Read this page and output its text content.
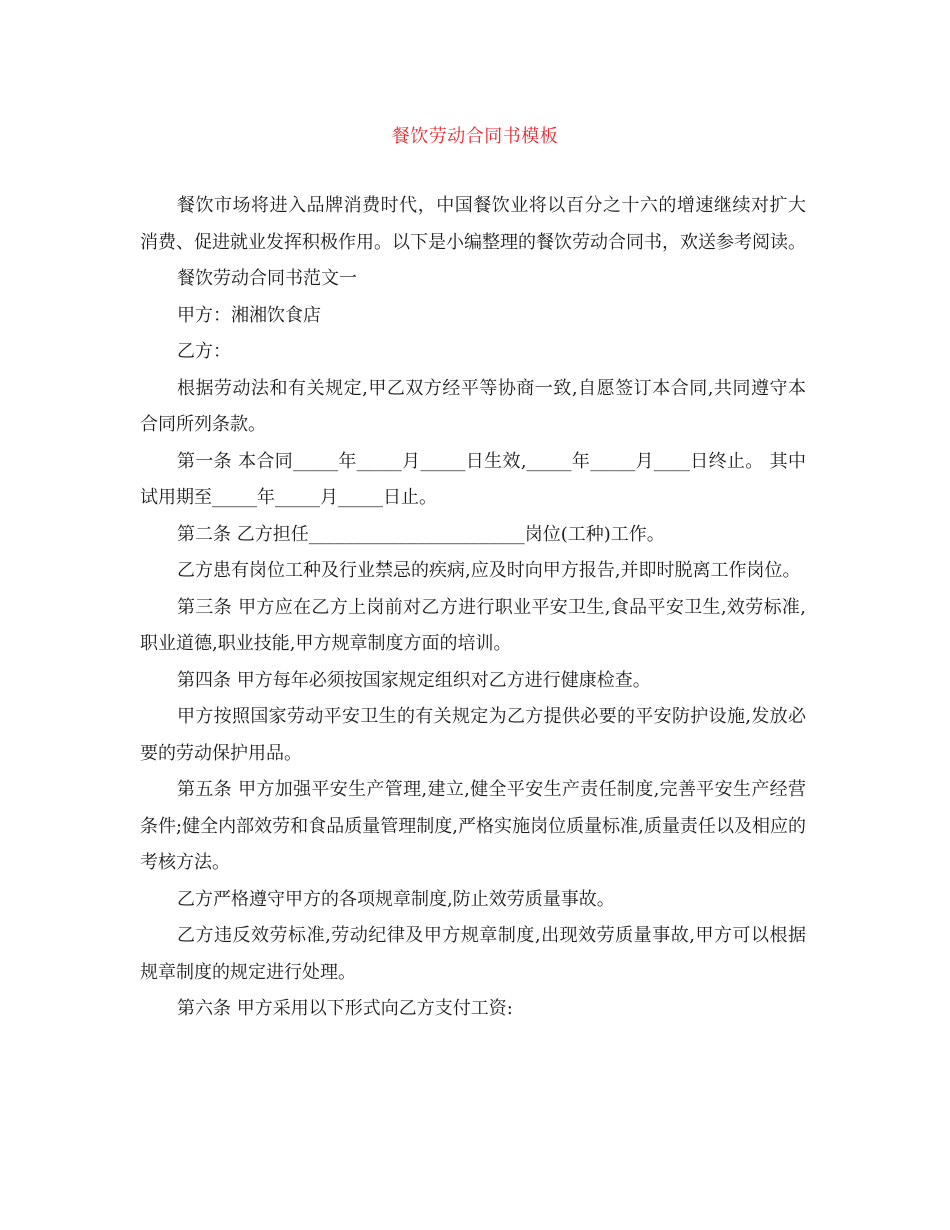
餐饮劳动合同书模板

餐饮市场将进入品牌消费时代，中国餐饮业将以百分之十六的增速继续对扩大消费、促进就业发挥积极作用。以下是小编整理的餐饮劳动合同书，欢送参考阅读。

餐饮劳动合同书范文一

甲方：湘湘饮食店

乙方：

根据劳动法和有关规定,甲乙双方经平等协商一致,自愿签订本合同,共同遵守本合同所列条款。

第一条 本合同_____年_____月_____日生效,_____年_____月____日终止。 其中试用期至_____年_____月_____日止。

第二条 乙方担任________________________岗位(工种)工作。

乙方患有岗位工种及行业禁忌的疾病,应及时向甲方报告,并即时脱离工作岗位。

第三条 甲方应在乙方上岗前对乙方进行职业平安卫生,食品平安卫生,效劳标准,职业道德,职业技能,甲方规章制度方面的培训。

第四条 甲方每年必须按国家规定组织对乙方进行健康检查。

甲方按照国家劳动平安卫生的有关规定为乙方提供必要的平安防护设施,发放必要的劳动保护用品。

第五条 甲方加强平安生产管理,建立,健全平安生产责任制度,完善平安生产经营条件;健全内部效劳和食品质量管理制度,严格实施岗位质量标准,质量责任以及相应的考核方法。

乙方严格遵守甲方的各项规章制度,防止效劳质量事故。

乙方违反效劳标准,劳动纪律及甲方规章制度,出现效劳质量事故,甲方可以根据规章制度的规定进行处理。

第六条 甲方采用以下形式向乙方支付工资:
